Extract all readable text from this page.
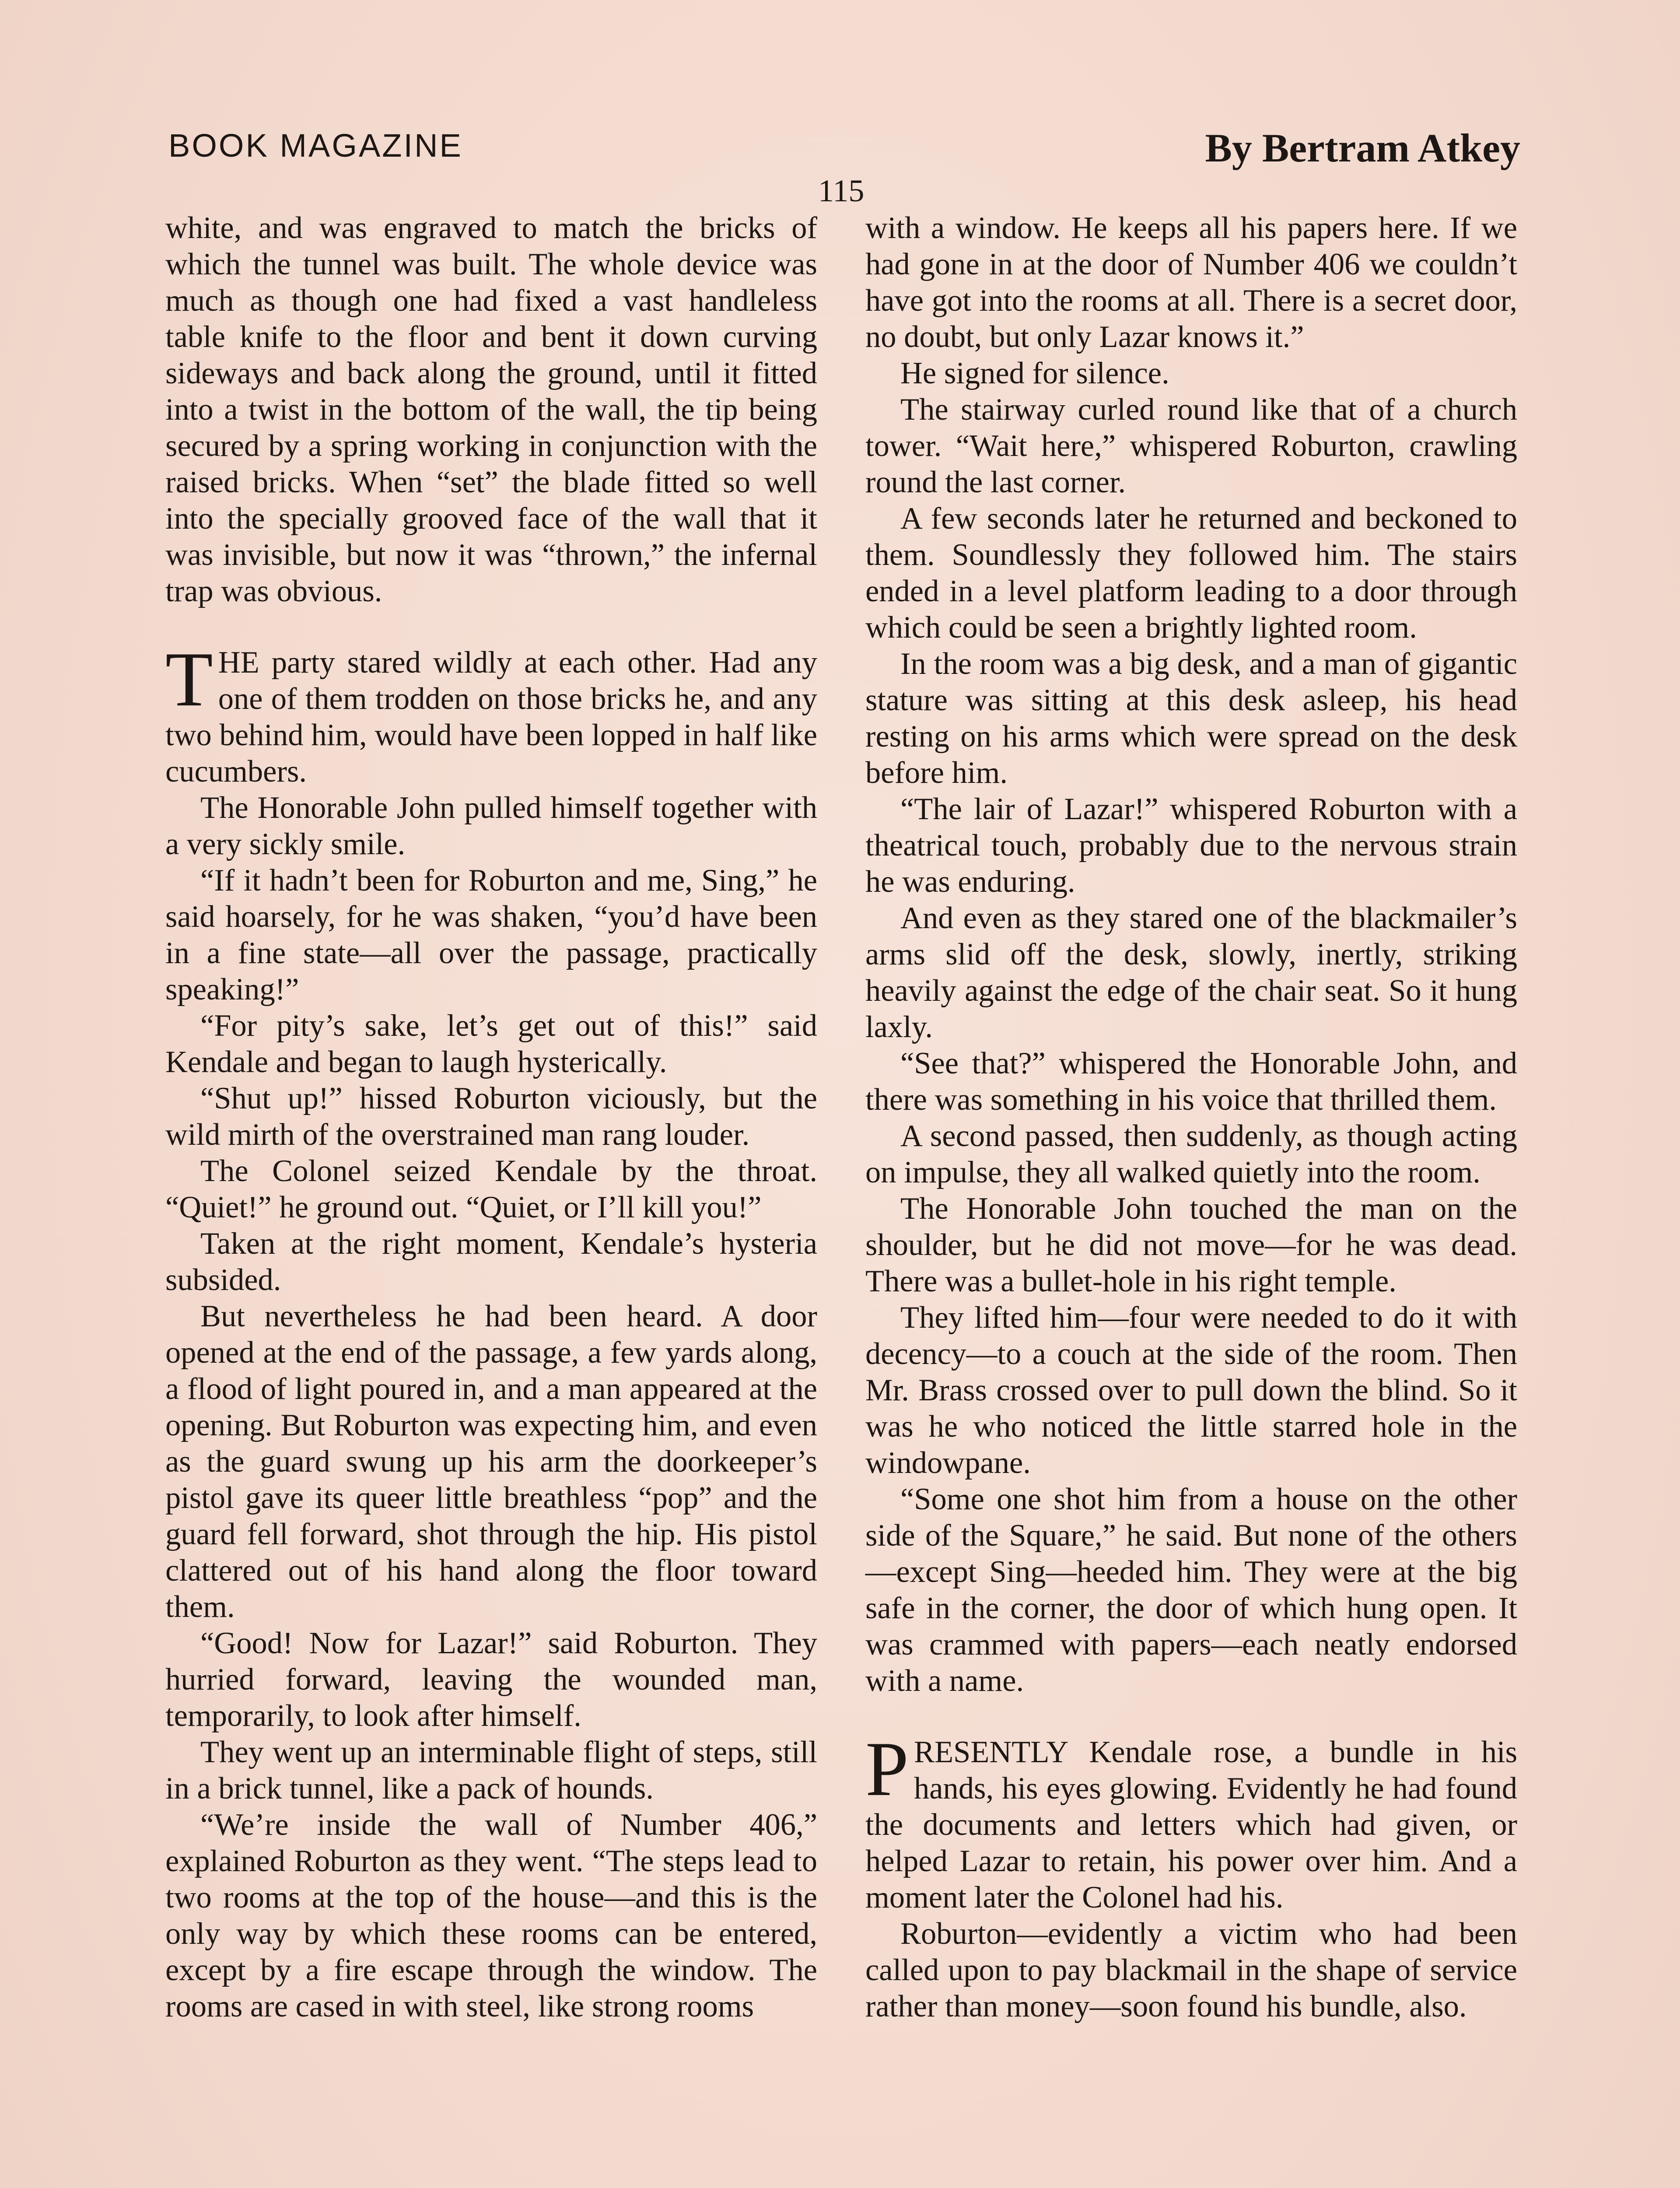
BOOK MAGAZINE	By Bertram Atkey
115

white, and was engraved to match the bricks of which the tunnel was built. The whole device was much as though one had fixed a vast handleless table knife to the floor and bent it down curving sideways and back along the ground, until it fitted into a twist in the bottom of the wall, the tip being secured by a spring working in conjunction with the raised bricks. When “set” the blade fitted so well into the specially grooved face of the wall that it was invisible, but now it was “thrown,” the infernal trap was obvious.

THE party stared wildly at each other. Had any one of them trodden on those bricks he, and any two behind him, would have been lopped in half like cucumbers.

The Honorable John pulled himself together with a very sickly smile.

“If it hadn’t been for Roburton and me, Sing,” he said hoarsely, for he was shaken, “you’d have been in a fine state—all over the passage, practically speaking!”

“For pity’s sake, let’s get out of this!” said Kendale and began to laugh hysterically.

“Shut up!” hissed Roburton viciously, but the wild mirth of the overstrained man rang louder.

The Colonel seized Kendale by the throat. “Quiet!” he ground out. “Quiet, or I’ll kill you!”

Taken at the right moment, Kendale’s hysteria subsided.

But nevertheless he had been heard. A door opened at the end of the passage, a few yards along, a flood of light poured in, and a man appeared at the opening. But Roburton was expecting him, and even as the guard swung up his arm the doorkeeper’s pistol gave its queer little breathless “pop” and the guard fell forward, shot through the hip. His pistol clattered out of his hand along the floor toward them.

“Good! Now for Lazar!” said Roburton. They hurried forward, leaving the wounded man, temporarily, to look after himself.

They went up an interminable flight of steps, still in a brick tunnel, like a pack of hounds.

“We’re inside the wall of Number 406,” explained Roburton as they went. “The steps lead to two rooms at the top of the house—and this is the only way by which these rooms can be entered, except by a fire escape through the window. The rooms are cased in with steel, like strong rooms

with a window. He keeps all his papers here. If we had gone in at the door of Number 406 we couldn’t have got into the rooms at all. There is a secret door, no doubt, but only Lazar knows it.”

He signed for silence.

The stairway curled round like that of a church tower. “Wait here,” whispered Roburton, crawling round the last corner.

A few seconds later he returned and beckoned to them. Soundlessly they followed him. The stairs ended in a level platform leading to a door through which could be seen a brightly lighted room.

In the room was a big desk, and a man of gigantic stature was sitting at this desk asleep, his head resting on his arms which were spread on the desk before him.

“The lair of Lazar!” whispered Roburton with a theatrical touch, probably due to the nervous strain he was enduring.

And even as they stared one of the blackmailer’s arms slid off the desk, slowly, inertly, striking heavily against the edge of the chair seat. So it hung laxly.

“See that?” whispered the Honorable John, and there was something in his voice that thrilled them.

A second passed, then suddenly, as though acting on impulse, they all walked quietly into the room.

The Honorable John touched the man on the shoulder, but he did not move—for he was dead. There was a bullet-hole in his right temple.

They lifted him—four were needed to do it with decency—to a couch at the side of the room. Then Mr. Brass crossed over to pull down the blind. So it was he who noticed the little starred hole in the windowpane.

“Some one shot him from a house on the other side of the Square,” he said. But none of the others—except Sing—heeded him. They were at the big safe in the corner, the door of which hung open. It was crammed with papers—each neatly endorsed with a name.

PRESENTLY Kendale rose, a bundle in his hands, his eyes glowing. Evidently he had found the documents and letters which had given, or helped Lazar to retain, his power over him. And a moment later the Colonel had his.

Roburton—evidently a victim who had been called upon to pay blackmail in the shape of service rather than money—soon found his bundle, also.
